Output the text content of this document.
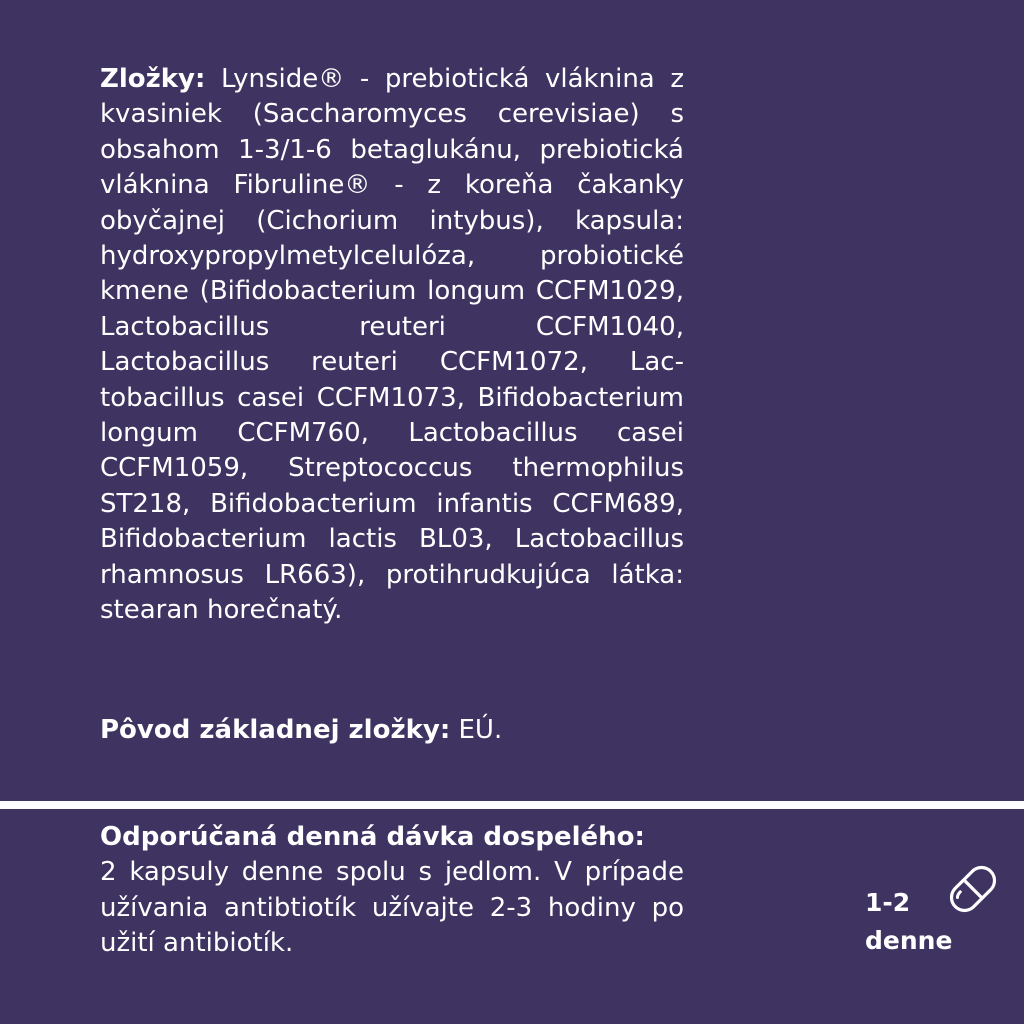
Zložky: Lynside® - prebiotická vláknina z kvasiniek (Saccharomyces cerevisiae) s obsahom 1-3/1-6 betaglukánu, prebiotická vláknina Fibruline® - z koreňa čakanky obyčajnej (Cichorium intybus), kapsula: hydroxypropylmetylcelulóza, probiotické kmene (Bifidobacterium longum CCFM1029, Lactobacillus reuteri CCFM1040, Lactobacillus reuteri CCFM1072, Lactobacillus casei CCFM1073, Bifidobacterium longum CCFM760, Lactobacillus casei CCFM1059, Streptococcus thermophilus ST218, Bifidobacterium infantis CCFM689, Bifidobacterium lactis BL03, Lactobacillus rhamnosus LR663), protihrudkujúca látka: stearan horečnatý.

Pôvod základnej zložky: EÚ.

Odporúčaná denná dávka dospelého:
2 kapsuly denne spolu s jedlom. V prípade užívania antibtiotík užívajte 2-3 hodiny po užití antibiotík.

1-2
denne
